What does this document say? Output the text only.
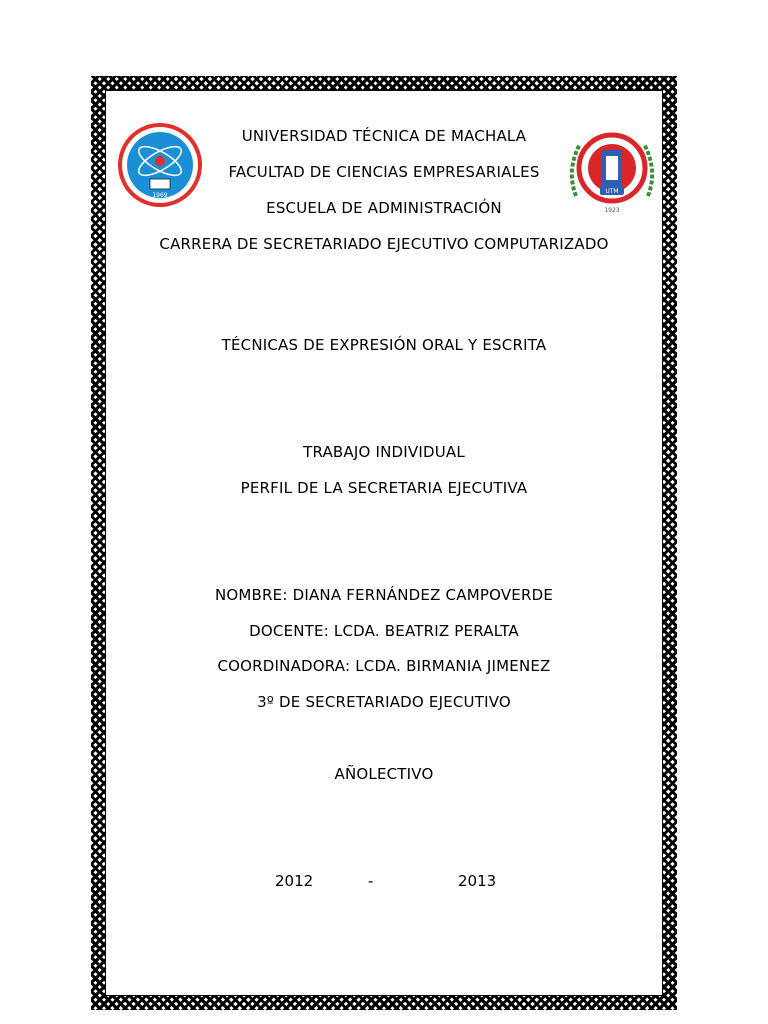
1969
UTM
1923
UNIVERSIDAD TÉCNICA DE MACHALA
FACULTAD DE CIENCIAS EMPRESARIALES
ESCUELA DE ADMINISTRACIÓN
CARRERA DE SECRETARIADO EJECUTIVO COMPUTARIZADO
TÉCNICAS DE EXPRESIÓN ORAL Y ESCRITA
TRABAJO INDIVIDUAL
PERFIL DE LA SECRETARIA EJECUTIVA
NOMBRE: DIANA FERNÁNDEZ CAMPOVERDE
DOCENTE: LCDA. BEATRIZ PERALTA
COORDINADORA: LCDA. BIRMANIA JIMENEZ
3º DE SECRETARIADO EJECUTIVO
AÑOLECTIVO
2012	-	2013
